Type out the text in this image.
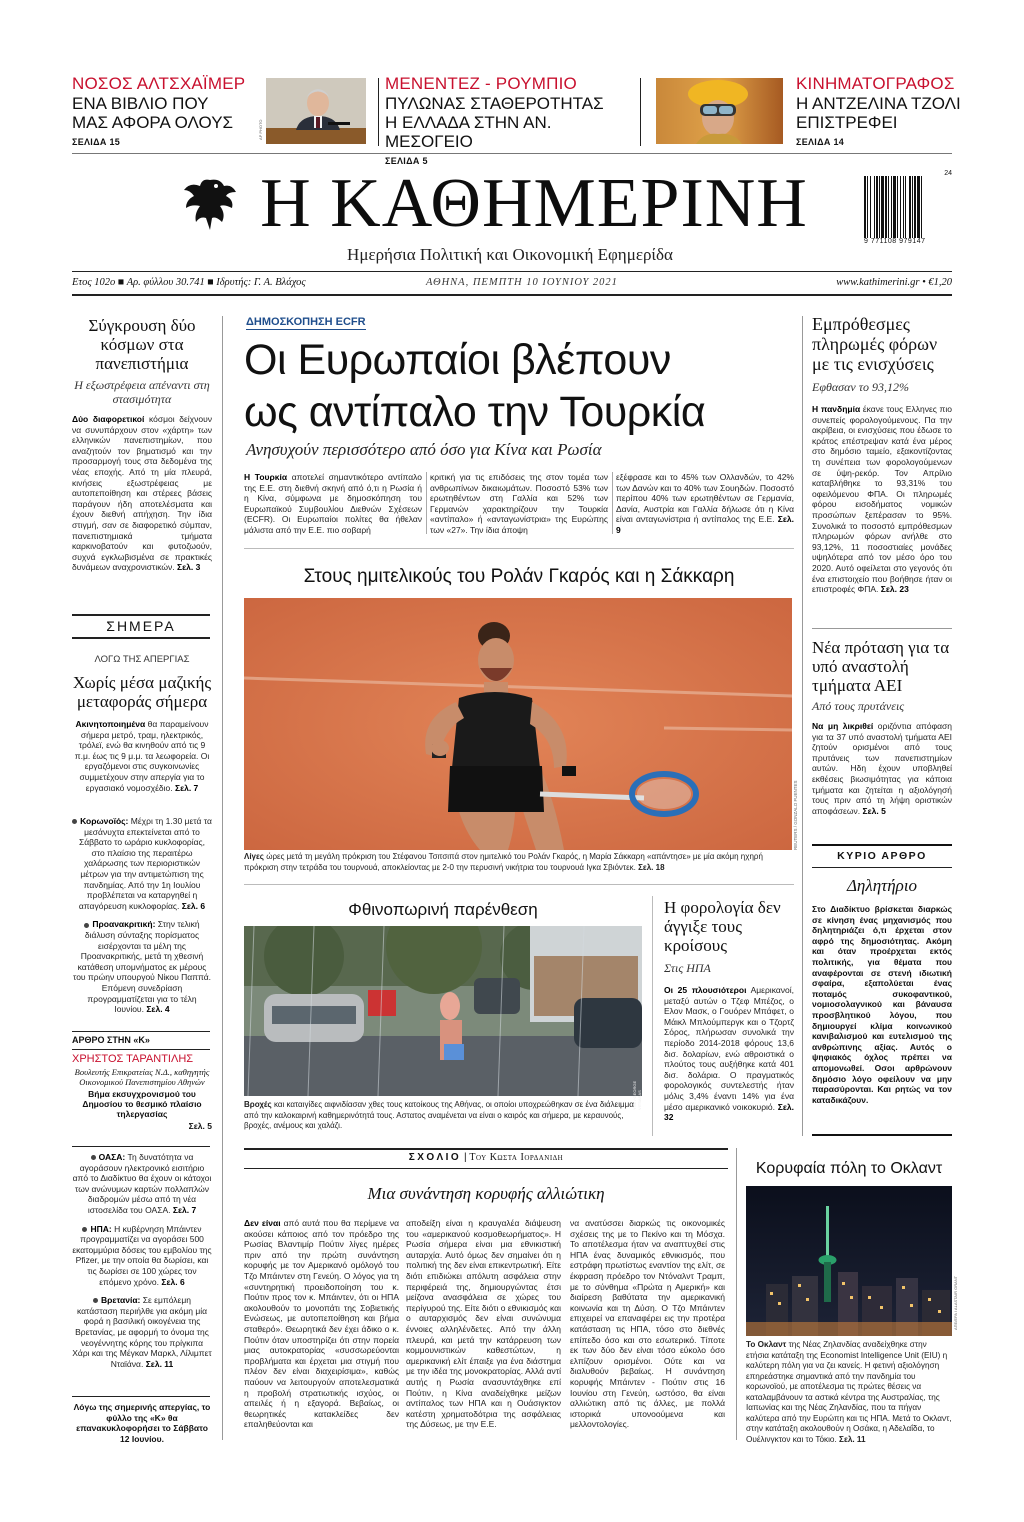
ΝΟΣΟΣ ΑΛΤΣΧΑΪΜΕΡ
ΕΝΑ ΒΙΒΛΙΟ ΠΟΥ
ΜΑΣ ΑΦΟΡΑ ΟΛΟΥΣ
ΣΕΛΙΔΑ 15
AP PHOTO
ΜΕΝΕΝΤΕΖ - ΡΟΥΜΠΙΟ
ΠΥΛΩΝΑΣ ΣΤΑΘΕΡΟΤΗΤΑΣ
Η ΕΛΛΑΔΑ ΣΤΗΝ ΑΝ. ΜΕΣΟΓΕΙΟ
ΣΕΛΙΔΑ 5
ΚΙΝΗΜΑΤΟΓΡΑΦΟΣ
Η ΑΝΤΖΕΛΙΝΑ ΤΖΟΛΙ
ΕΠΙΣΤΡΕΦΕΙ
ΣΕΛΙΔΑ 14
Η ΚΑΘΗΜΕΡΙΝΗ
Ημερήσια Πολιτική και Οικονομική Εφημερίδα
24
9 771108 979147
Ετος 102ο ■ Αρ. φύλλου 30.741 ■ Ιδρυτής: Γ. Α. Βλάχος	ΑΘΗΝΑ, ΠΕΜΠΤΗ 10 ΙΟΥΝΙΟΥ 2021	www.kathimerini.gr • €1,20
Σύγκρουση δύο κόσμων στα πανεπιστήμια
Η εξωστρέφεια απέναντι στη στασιμότητα
Δύο διαφορετικοί κόσμοι δείχνουν να συνυπάρχουν στον «χάρτη» των ελληνικών πανεπιστημίων, που αναζητούν τον βηματισμό και την προσαρμογή τους στα δεδομένα της νέας εποχής. Από τη μία πλευρά, κινήσεις εξωστρέφειας με αυτοπεποίθηση και στέρεες βάσεις παράγουν ήδη αποτελέσματα και έχουν διεθνή απήχηση. Την ίδια στιγμή, σαν σε διαφορετικό σύμπαν, πανεπιστημιακά τμήματα καρκινοβατούν και φυτοζωούν, συχνά εγκλωβισμένα σε πρακτικές δυνάμεων αναχρονιστικών. Σελ. 3
ΣΗΜΕΡΑ
ΛΟΓΩ ΤΗΣ ΑΠΕΡΓΙΑΣ
Χωρίς μέσα μαζικής μεταφοράς σήμερα
Ακινητοποιημένα θα παραμείνουν σήμερα μετρό, τραμ, ηλεκτρικός, τρόλεϊ, ενώ θα κινηθούν από τις 9 π.μ. έως τις 9 μ.μ. τα λεωφορεία. Οι εργαζόμενοι στις συγκοινωνίες συμμετέχουν στην απεργία για το εργασιακό νομοσχέδιο. Σελ. 7
Κορωνοϊός: Μέχρι τη 1.30 μετά τα μεσάνυχτα επεκτείνεται από το Σάββατο το ωράριο κυκλοφορίας, στο πλαίσιο της περαιτέρω χαλάρωσης των περιοριστικών μέτρων για την αντιμετώπιση της πανδημίας. Από την 1η Ιουλίου προβλέπεται να καταργηθεί η απαγόρευση κυκλοφορίας. Σελ. 6
Προανακριτική: Στην τελική διάλυση σύνταξης πορίσματος εισέρχονται τα μέλη της Προανακριτικής, μετά τη χθεσινή κατάθεση υπομνήματος εκ μέρους του πρώην υπουργού Νίκου Παππά. Επόμενη συνεδρίαση προγραμματίζεται για το τέλη Ιουνίου. Σελ. 4
ΑΡΘΡΟ ΣΤΗΝ «Κ»
ΧΡΗΣΤΟΣ ΤΑΡΑΝΤΙΛΗΣ
Βουλευτής Επικρατείας Ν.Δ., καθηγητής Οικονομικού Πανεπιστημίου Αθηνών
Βήμα εκσυγχρονισμού του Δημοσίου το θεσμικό πλαίσιο τηλεργασίας
Σελ. 5
ΟΑΣΑ: Τη δυνατότητα να αγοράσουν ηλεκτρονικό εισιτήριο από το Διαδίκτυο θα έχουν οι κάτοχοι των ανώνυμων καρτών πολλαπλών διαδρομών μέσω από τη νέα ιστοσελίδα του ΟΑΣΑ. Σελ. 7
ΗΠΑ: Η κυβέρνηση Μπάιντεν προγραμματίζει να αγοράσει 500 εκατομμύρια δόσεις του εμβολίου της Pfizer, με την οποία θα δωρίσει, και τις δωρίσει σε 100 χώρες τον επόμενο χρόνο. Σελ. 6
Βρετανία: Σε εμπόλεμη κατάσταση περιήλθε για ακόμη μία φορά η βασιλική οικογένεια της Βρετανίας, με αφορμή το όνομα της νεογέννητης κόρης του πρίγκιπα Χάρι και της Μέγκαν Μαρκλ, Λίλιμπετ Νταϊάνα. Σελ. 11
Λόγω της σημερινής απεργίας, το φύλλο της «Κ» θα επανακυκλοφορήσει το Σάββατο 12 Ιουνίου.
ΔΗΜΟΣΚΟΠΗΣΗ ECFR
Οι Ευρωπαίοι βλέπουν
ως αντίπαλο την Τουρκία
Ανησυχούν περισσότερο από όσο για Κίνα και Ρωσία
Η Τουρκία αποτελεί σημαντικότερο αντίπαλο της Ε.Ε. στη διεθνή σκηνή από ό,τι η Ρωσία ή η Κίνα, σύμφωνα με δημοσκόπηση του Ευρωπαϊκού Συμβουλίου Διεθνών Σχέσεων (ECFR). Οι Ευρωπαίοι πολίτες θα ήθελαν μάλιστα από την Ε.Ε. πιο σοβαρή
κριτική για τις επιδόσεις της στον τομέα των ανθρωπίνων δικαιωμάτων. Ποσοστό 53% των ερωτηθέντων στη Γαλλία και 52% των Γερμανών χαρακτηρίζουν την Τουρκία «αντίπαλο» ή «ανταγωνίστρια» της Ευρώπης των «27». Την ίδια άποψη
εξέφρασε και το 45% των Ολλανδών, το 42% των Δανών και το 40% των Σουηδών. Ποσοστό περίπου 40% των ερωτηθέντων σε Γερμανία, Δανία, Αυστρία και Γαλλία δήλωσε ότι η Κίνα είναι ανταγωνίστρια ή αντίπαλος της Ε.Ε. Σελ. 9
Στους ημιτελικούς του Ρολάν Γκαρός και η Σάκκαρη
REUTERS / GONZALO FUENTES
Λίγες ώρες μετά τη μεγάλη πρόκριση του Στέφανου Τσιτσιπά στον ημιτελικό του Ρολάν Γκαρός, η Μαρία Σάκκαρη «απάντησε» με μία ακόμη ηχηρή πρόκριση στην τετράδα του τουρνουά, αποκλείοντας με 2-0 την περυσινή νικήτρια του τουρνουά Ιγκα Σβιόντεκ. Σελ. 18
Φθινοπωρινή παρένθεση
ΥΠΕ / GEORGE VITSARAS
Βροχές και καταιγίδες αιφνιδίασαν χθες τους κατοίκους της Αθήνας, οι οποίοι υποχρεώθηκαν σε ένα διάλειμμα από την καλοκαιρινή καθημερινότητά τους. Αστατος αναμένεται να είναι ο καιρός και σήμερα, με κεραυνούς, βροχές, ανέμους και χαλάζι.
Η φορολογία δεν άγγιξε τους κροίσους
Στις ΗΠΑ
Οι 25 πλουσιότεροι Αμερικανοί, μεταξύ αυτών ο Τζεφ Μπέζος, ο Ελον Μασκ, ο Γουόρεν Μπάφετ, ο Μάικλ Μπλούμπεργκ και ο Τζορτζ Σόρος, πλήρωσαν συνολικά την περίοδο 2014-2018 φόρους 13,6 δισ. δολαρίων, ενώ αθροιστικά ο πλούτος τους αυξήθηκε κατά 401 δισ. δολάρια. Ο πραγματικός φορολογικός συντελεστής ήταν μόλις 3,4% έναντι 14% για ένα μέσο αμερικανικό νοικοκυριό. Σελ. 32
Εμπρόθεσμες πληρωμές φόρων με τις ενισχύσεις
Εφθασαν το 93,12%
Η πανδημία έκανε τους Ελληνες πιο συνεπείς φορολογούμενους. Πα την ακρίβεια, οι ενισχύσεις που έδωσε το κράτος επέστρεψαν κατά ένα μέρος στο δημόσιο ταμείο, εξακοντίζοντας τη συνέπεια των φορολογούμενων σε ύψη-ρεκόρ. Τον Απρίλιο καταβλήθηκε το 93,31% του οφειλόμενου ΦΠΑ. Οι πληρωμές φόρου εισοδήματος νομικών προσώπων ξεπέρασαν το 95%. Συνολικά το ποσοστό εμπρόθεσμων πληρωμών φόρων ανήλθε στο 93,12%, 11 ποσοστιαίες μονάδες υψηλότερα από τον μέσο όρο του 2020. Αυτό οφείλεται στο γεγονός ότι ένα επιστοιχείο που βοήθησε ήταν οι επιστροφές ΦΠΑ. Σελ. 23
Νέα πρόταση για τα υπό αναστολή τμήματα ΑΕΙ
Από τους πρυτάνεις
Να μη λικριθεί οριζόντια απόφαση για τα 37 υπό αναστολή τμήματα ΑΕΙ ζητούν ορισμένοι από τους πρυτάνεις των πανεπιστημίων αυτών. Ηδη έχουν υποβληθεί εκθέσεις βιωσιμότητας για κάποια τμήματα και ζητείται η αξιολόγησή τους πριν από τη λήψη οριστικών αποφάσεων. Σελ. 5
ΚΥΡΙΟ ΑΡΘΡΟ
Δηλητήριο
Στο Διαδίκτυο βρίσκεται διαρκώς σε κίνηση ένας μηχανισμός που δηλητηριάζει ό,τι έρχεται στον αφρό της δημοσιότητας. Ακόμη και όταν προέρχεται εκτός πολιτικής, για θέματα που αναφέρονται σε στενή ιδιωτική σφαίρα, εξαπολύεται ένας ποταμός συκοφαντικού, νομιοσολαγνικού και βάναυσα προσβλητικού λόγου, που δημιουργεί κλίμα κοινωνικού κανιβαλισμού και ευτελισμού της ανθρώπινης αξίας. Αυτός ο ψηφιακός όχλος πρέπει να απομονωθεί. Οσοι αρθρώνουν δημόσιο λόγο οφείλουν να μην παρασύρονται. Και ρητώς να τον καταδικάζουν.
ΣΧΟΛΙΟ | Του Κωστα Ιορδανιδη
Μια συνάντηση κορυφής αλλιώτικη
Δεν είναι από αυτά που θα περίμενε να ακούσει κάποιος από τον πρόεδρο της Ρωσίας Βλαντιμίρ Πούτιν λίγες ημέρες πριν από την πρώτη συνάντηση κορυφής με τον Αμερικανό ομόλογό του Τζο Μπάιντεν στη Γενεύη. Ο λόγος για τη «συντηρητική προειδοποίηση του κ. Πούτιν προς τον κ. Μπάιντεν, ότι οι ΗΠΑ ακολουθούν το μονοπάτι της Σοβιετικής Ενώσεως, με αυτοπεποίθηση και βήμα σταθερό». Θεωρητικά δεν έχει άδικο ο κ. Πούτιν όταν υποστηρίζει ότι στην πορεία μιας αυτοκρατορίας «συσσωρεύονται προβλήματα και έρχεται μια στιγμή που πλέον δεν είναι διαχειρίσιμα», καθώς παύουν να λειτουργούν αποτελεσματικά η προβολή στρατιωτικής ισχύος, οι απειλές ή η εξαγορά. Βεβαίως, οι θεωρητικές κατακλείδες δεν επαληθεύονται και
αποδείξη είναι η κραυγαλέα διάψευση του «αμερικανού κοσμοθεωρήματος». Η Ρωσία σήμερα είναι μια εθνικιστική αυταρχία. Αυτό όμως δεν σημαίνει ότι η πολιτική της δεν είναι επικεντρωτική. Είτε διότι επιδιώκει απόλυτη ασφάλεια στην περιφέρειά της, δημιουργώντας έτσι μείζονα ανασφάλεια σε χώρες του περίγυρού της. Είτε διότι ο εθνικισμός και ο αυταρχισμός δεν είναι συνώνυμα έννοιες αλληλένδετες. Από την άλλη πλευρά, και μετά την κατάρρευση των κομμουνιστικών καθεστώτων, η αμερικανική ελίτ έπαιξε για ένα διάστημα με την ιδέα της μονοκρατορίας. Αλλά αντί αυτής η Ρωσία ανασυντάχθηκε επί Πούτιν, η Κίνα αναδείχθηκε μείζων αντίπαλος των ΗΠΑ και η Ουάσιγκτον κατέστη χρηματοδότρια της ασφάλειας της Δύσεως, με την Ε.Ε.
να ανατύσσει διαρκώς τις οικονομικές σχέσεις της με το Πεκίνο και τη Μόσχα. Το αποτέλεσμα ήταν να αναπτυχθεί στις ΗΠΑ ένας δυναμικός εθνικισμός, που εστράφη πρωτίστως εναντίον της ελίτ, σε έκφραση πρόεδρο τον Ντόναλντ Τραμπ, με το σύνθημα «Πρώτα η Αμερική» και διαίρεση βαθύτατα την αμερικανική κοινωνία και τη Δύση. Ο Τζο Μπάιντεν επιχειρεί να επαναφέρει εις την προτέρα κατάσταση τις ΗΠΑ, τόσο στο διεθνές επίπεδο όσο και στο εσωτερικό. Τίποτε εκ των δύο δεν είναι τόσο εύκολο όσο ελπίζουν ορισμένοι. Ούτε και να διαλυθούν βεβαίως. Η συνάντηση κορυφής Μπάιντεν - Πούτιν στις 16 Ιουνίου στη Γενεύη, ωστόσο, θα είναι αλλιώτικη από τις άλλες, με πολλά ιστορικά υπονοούμενα και μελλοντολογίες.
Κορυφαία πόλη το Οκλαντ
ΑΠΕ/EPA / ALASTAIR GRANT
Το Οκλαντ της Νέας Ζηλανδίας αναδείχθηκε στην ετήσια κατάταξη της Economist Intelligence Unit (EIU) η καλύτερη πόλη για να ζει κανείς. Η φετινή αξιολόγηση επηρεάστηκε σημαντικά από την πανδημία του κορωνοϊού, με αποτέλεσμα τις πρώτες θέσεις να καταλαμβάνουν τα αστικά κέντρα της Αυστραλίας, της Ιαπωνίας και της Νέας Ζηλανδίας, που τα πήγαν καλύτερα από την Ευρώπη και τις ΗΠΑ. Μετά το Οκλαντ, στην κατάταξη ακολουθούν η Οσάκα, η Αδελαΐδα, το Ουέλινγκτον και το Τόκιο. Σελ. 11
